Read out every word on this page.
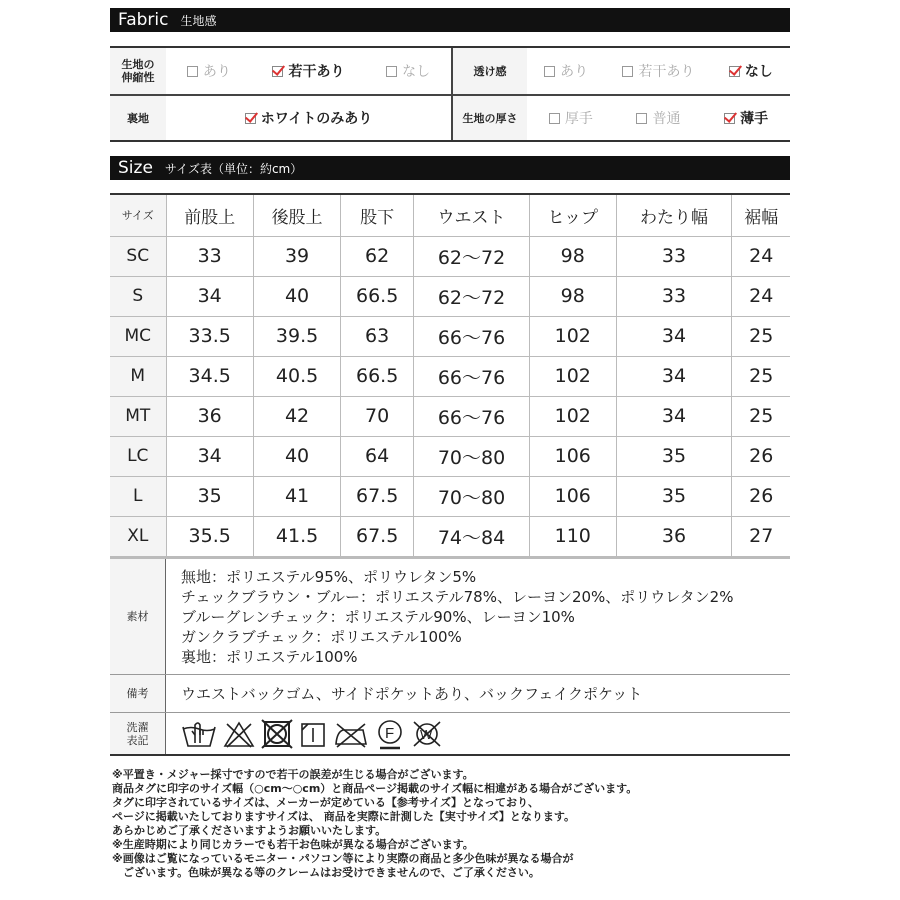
Fabric 生地感
生地の
伸縮性	あり	若干あり	なし	透け感	あり	若干あり	なし
裏地	ホワイトのみあり	生地の厚さ	厚手	普通	薄手
Size サイズ表（単位：約cm）
サイズ	前股上	後股上	股下	ウエスト	ヒップ	わたり幅	裾幅
SC	33	39	62	62〜72	98	33	24
S	34	40	66.5	62〜72	98	33	24
MC	33.5	39.5	63	66〜76	102	34	25
M	34.5	40.5	66.5	66〜76	102	34	25
MT	36	42	70	66〜76	102	34	25
LC	34	40	64	70〜80	106	35	26
L	35	41	67.5	70〜80	106	35	26
XL	35.5	41.5	67.5	74〜84	110	36	27
素材
無地：ポリエステル95%、ポリウレタン5%
チェックブラウン・ブルー：ポリエステル78%、レーヨン20%、ポリウレタン2%
ブルーグレンチェック：ポリエステル90%、レーヨン10%
ガンクラブチェック：ポリエステル100%
裏地：ポリエステル100%
備考	ウエストバックゴム、サイドポケットあり、バックフェイクポケット
洗濯
表記	F W

※平置き・メジャー採寸ですので若干の誤差が生じる場合がございます。

商品タグに印字のサイズ幅（○cm〜○cm）と商品ページ掲載のサイズ幅に相違がある場合がございます。

タグに印字されているサイズは、メーカーが定めている【参考サイズ】となっており、

ページに掲載いたしておりますサイズは、 商品を実際に計測した【実寸サイズ】となります。

あらかじめご了承くださいますようお願いいたします。

※生産時期により同じカラーでも若干お色味が異なる場合がございます。

※画像はご覧になっているモニター・パソコン等により実際の商品と多少色味が異なる場合が

　ございます。色味が異なる等のクレームはお受けできませんので、ご了承ください。
